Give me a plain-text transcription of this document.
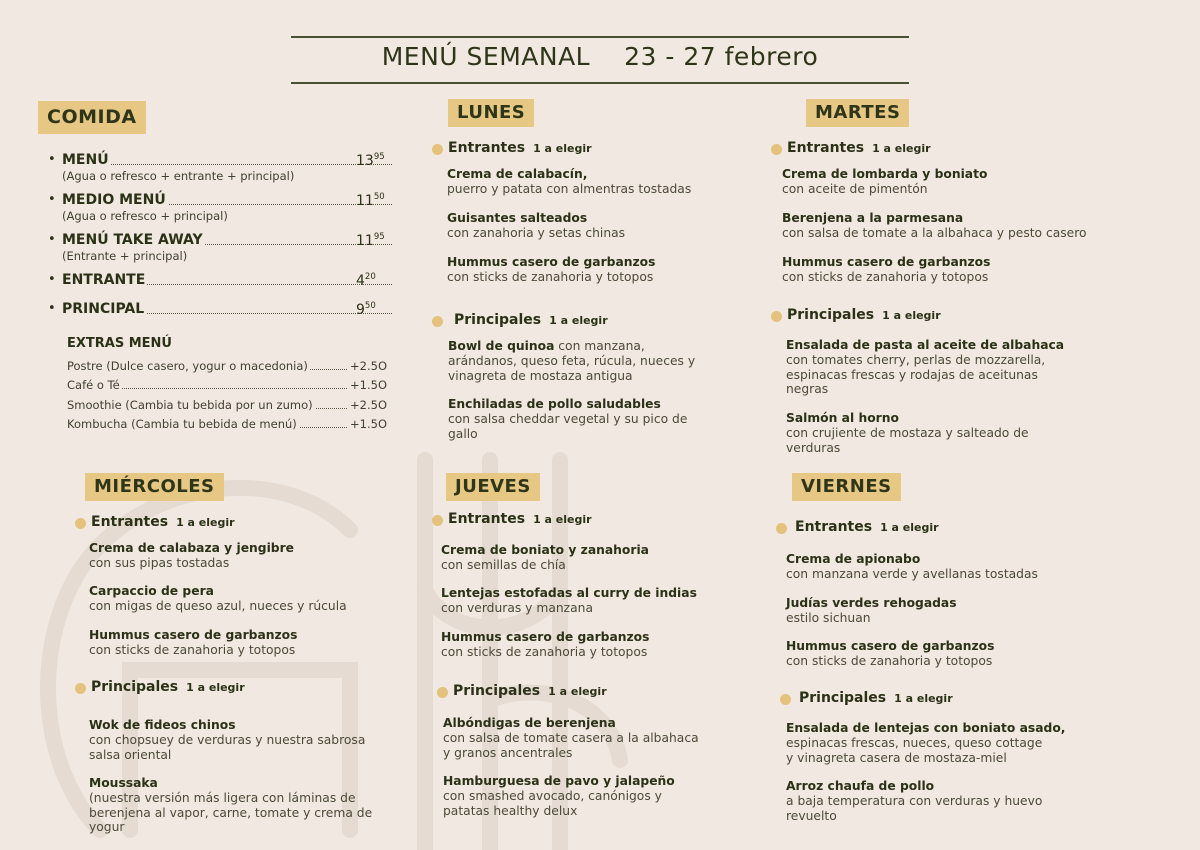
MENÚ SEMANAL 23 - 27 febrero
COMIDA
• MENÚ	$13^{95}$
(Agua o refresco + entrante + principal)
• MEDIO MENÚ	$11^{50}$
(Agua o refresco + principal)
• MENÚ TAKE AWAY	$11^{95}$
(Entrante + principal)
• ENTRANTE	$4^{20}$
• PRINCIPAL	$9^{50}$
EXTRAS MENÚ
Postre (Dulce casero, yogur o macedonia)	+2.5O
Café o Té	+1.5O
Smoothie (Cambia tu bebida por un zumo)	+2.5O
Kombucha (Cambia tu bebida de menú)	+1.5O
LUNES
Entrantes 1 a elegir
Crema de calabacín,
puerro y patata con almentras tostadas
Guisantes salteados
con zanahoria y setas chinas
Hummus casero de garbanzos
con sticks de zanahoria y totopos
Principales 1 a elegir
Bowl de quinoa con manzana,
arándanos, queso feta, rúcula, nueces y
vinagreta de mostaza antigua
Enchiladas de pollo saludables
con salsa cheddar vegetal y su pico de
gallo
MARTES
Entrantes 1 a elegir
Crema de lombarda y boniato
con aceite de pimentón
Berenjena a la parmesana
con salsa de tomate a la albahaca y pesto casero
Hummus casero de garbanzos
con sticks de zanahoria y totopos
Principales 1 a elegir
Ensalada de pasta al aceite de albahaca
con tomates cherry, perlas de mozzarella,
espinacas frescas y rodajas de aceitunas
negras
Salmón al horno
con crujiente de mostaza y salteado de
verduras
MIÉRCOLES
Entrantes 1 a elegir
Crema de calabaza y jengibre
con sus pipas tostadas
Carpaccio de pera
con migas de queso azul, nueces y rúcula
Hummus casero de garbanzos
con sticks de zanahoria y totopos
Principales 1 a elegir
Wok de fideos chinos
con chopsuey de verduras y nuestra sabrosa
salsa oriental
Moussaka
(nuestra versión más ligera con láminas de
berenjena al vapor, carne, tomate y crema de
yogur
JUEVES
Entrantes 1 a elegir
Crema de boniato y zanahoria
con semillas de chía
Lentejas estofadas al curry de indias
con verduras y manzana
Hummus casero de garbanzos
con sticks de zanahoria y totopos
Principales 1 a elegir
Albóndigas de berenjena
con salsa de tomate casera a la albahaca
y granos ancentrales
Hamburguesa de pavo y jalapeño
con smashed avocado, canónigos y
patatas healthy delux
VIERNES
Entrantes 1 a elegir
Crema de apionabo
con manzana verde y avellanas tostadas
Judías verdes rehogadas
estilo sichuan
Hummus casero de garbanzos
con sticks de zanahoria y totopos
Principales 1 a elegir
Ensalada de lentejas con boniato asado,
espinacas frescas, nueces, queso cottage
y vinagreta casera de mostaza-miel
Arroz chaufa de pollo
a baja temperatura con verduras y huevo
revuelto
